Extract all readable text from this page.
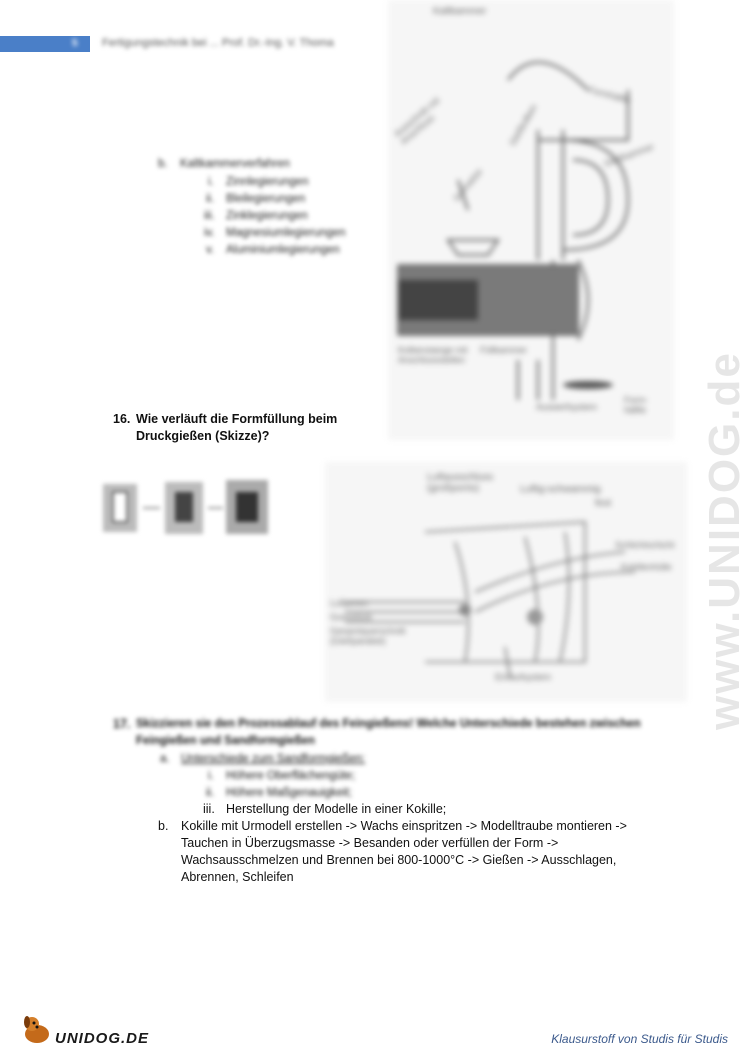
5 Fertigungstechnik bei ... Prof. Dr.-Ing. V. Thoma
Kaltkammer
Ausschnitt mit Anschluss	Gießkolben
Formhälfte
Schmelze
Gießkammer
Kolbenstange mit Anschlussstellen
Füllkammer
Auswerfsystem
Form-hälfte
b. Kaltkammerverfahren
i. Zinnlegierungen
ii. Bleilegierungen
iii. Zinklegierungen
iv. Magnesiumlegierungen
v. Aluminiumlegierungen
16. Wie verläuft die Formfüllung beim
Druckgießen (Skizze)?
Luftausschluss (großporös)	Luftig-schwammig
fest
Schlichtschicht
Kokillenhülle
Luftporen
Gussstück
Gesamtquerschnitt (Gießparabel)
Einlaufsystem	www.UNIDOG.de
17. Skizzieren sie den Prozessablauf des Feingießens! Welche Unterschiede bestehen zwischen
Feingießen und Sandformgießen
a. Unterschiede zum Sandformgießen:
i. Höhere Oberflächengüte;
ii. Höhere Maßgenauigkeit;
iii. Herstellung der Modelle in einer Kokille;
b. Kokille mit Urmodell erstellen -> Wachs einspritzen -> Modelltraube montieren ->
Tauchen in Überzugsmasse -> Besanden oder verfüllen der Form ->
Wachsausschmelzen und Brennen bei 800-1000°C -> Gießen -> Ausschlagen,
Abrennen, Schleifen
UNIDOG.DE	Klausurstoff von Studis für Studis
